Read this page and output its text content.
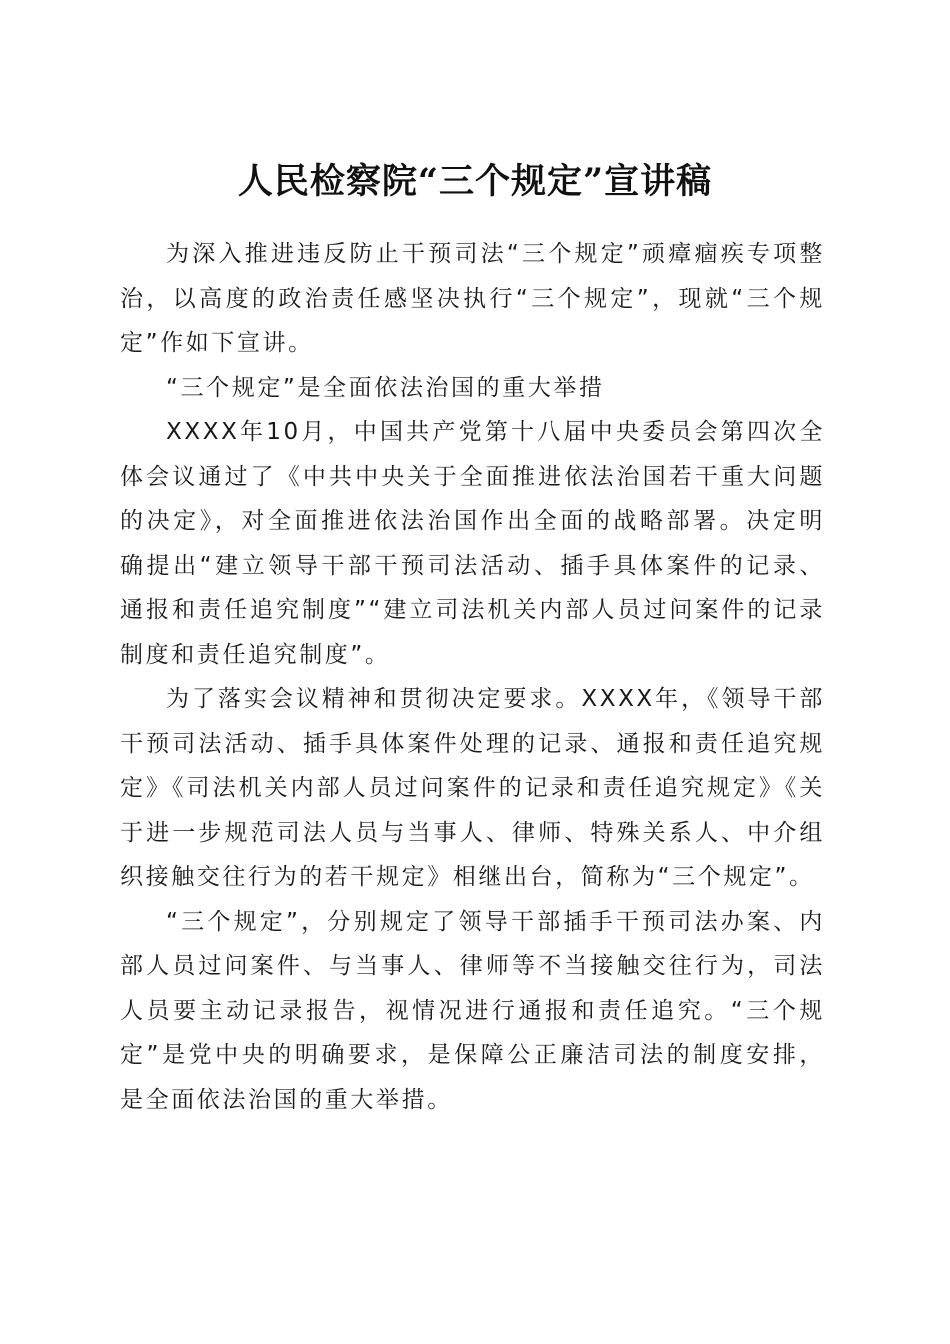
人民检察院“三个规定”宣讲稿

为深入推进违反防止干预司法“三个规定”顽瘴痼疾专项整治，以高度的政治责任感坚决执行“三个规定”，现就“三个规定”作如下宣讲。

“三个规定”是全面依法治国的重大举措

XXXX年10月，中国共产党第十八届中央委员会第四次全体会议通过了《中共中央关于全面推进依法治国若干重大问题的决定》，对全面推进依法治国作出全面的战略部署。决定明确提出“建立领导干部干预司法活动、插手具体案件的记录、通报和责任追究制度”“建立司法机关内部人员过问案件的记录制度和责任追究制度”。

为了落实会议精神和贯彻决定要求。XXXX年，《领导干部干预司法活动、插手具体案件处理的记录、通报和责任追究规定》《司法机关内部人员过问案件的记录和责任追究规定》《关于进一步规范司法人员与当事人、律师、特殊关系人、中介组织接触交往行为的若干规定》相继出台，简称为“三个规定”。

“三个规定”，分别规定了领导干部插手干预司法办案、内部人员过问案件、与当事人、律师等不当接触交往行为，司法人员要主动记录报告，视情况进行通报和责任追究。“三个规定”是党中央的明确要求，是保障公正廉洁司法的制度安排，是全面依法治国的重大举措。
